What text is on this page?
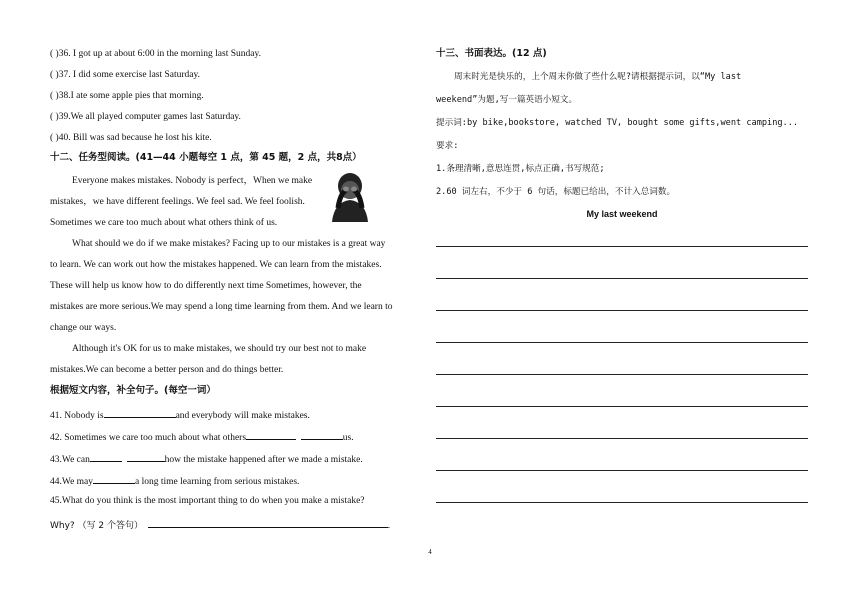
( )36. I got up at about 6:00 in the morning last Sunday.
( )37. I did some exercise last Saturday.
( )38.I ate some apple pies that morning.
( )39.We all played computer games last Saturday.
( )40. Bill was sad because he lost his kite.
十二、任务型阅读。(41—44 小题每空 1 点，第 45 题，2 点，共8点）
Everyone makes mistakes. Nobody is perfect，When we make
mistakes，we have different feelings. We feel sad. We feel foolish.
Sometimes we care too much about what others think of us.
What should we do if we make mistakes? Facing up to our mistakes is a great way
to learn. We can work out how the mistakes happened. We can learn from the mistakes.
These will help us know how to do differently next time Sometimes, however, the
mistakes are more serious.We may spend a long time learning from them. And we learn to
change our ways.
Although it's OK for us to make mistakes, we should try our best not to make
mistakes.We can become a better person and do things better.
根据短文内容，补全句子。(每空一词）
41. Nobody is	and everybody will make mistakes.
42. Sometimes we care too much about what others	us.
43.We can	how the mistake happened after we made a mistake.
44.We may	a long time learning from serious mistakes.
45.What do you think is the most important thing to do when you make a mistake?
Why? （写 2 个答句）	.
十三、书面表达。(12 点)
周末时光是快乐的，上个周末你做了些什么呢?请根据提示词，以“My last
weekend”为题,写一篇英语小短文。
提示词:by bike,bookstore, watched TV, bought some gifts,went camping...
要求:
1.条理清晰,意思连贯,标点正确,书写规范;
2.60 词左右，不少于 6 句话，标题已给出，不计入总词数。
My last weekend
4
